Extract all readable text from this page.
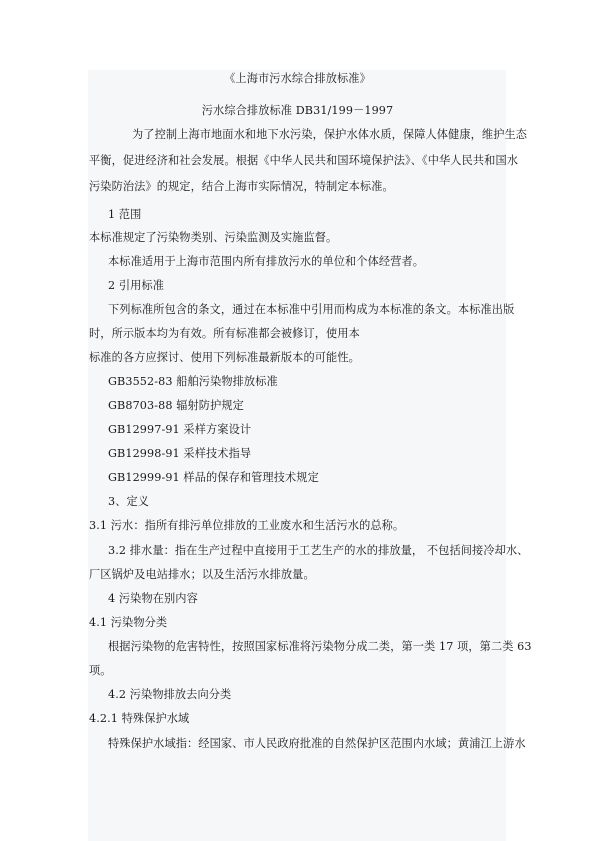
《上海市污水综合排放标准》
污水综合排放标准 DB31/199－1997
为了控制上海市地面水和地下水污染，保护水体水质，保障人体健康，维护生态
平衡，促进经济和社会发展。根据《中华人民共和国环境保护法》、《中华人民共和国水
污染防治法》的规定，结合上海市实际情况，特制定本标准。
1 范围
本标准规定了污染物类别、污染监测及实施监督。
本标准适用于上海市范围内所有排放污水的单位和个体经营者。
2 引用标准
下列标准所包含的条文，通过在本标准中引用而构成为本标准的条文。本标准出版
时，所示版本均为有效。所有标准都会被修订，使用本
标准的各方应探讨、使用下列标准最新版本的可能性。
GB3552-83 船舶污染物排放标准
GB8703-88 辐射防护规定
GB12997-91 采样方案设计
GB12998-91 采样技术指导
GB12999-91 样品的保存和管理技术规定
3、定义
3.1 污水：指所有排污单位排放的工业废水和生活污水的总称。
3.2 排水量：指在生产过程中直接用于工艺生产的水的排放量， 不包括间接冷却水、
厂区锅炉及电站排水；以及生活污水排放量。
4 污染物在别内容
4.1 污染物分类
根据污染物的危害特性，按照国家标准将污染物分成二类，第一类 17 项，第二类 63
项。
4.2 污染物排放去向分类
4.2.1 特殊保护水域
特殊保护水域指：经国家、市人民政府批准的自然保护区范围内水域；黄浦江上游水
